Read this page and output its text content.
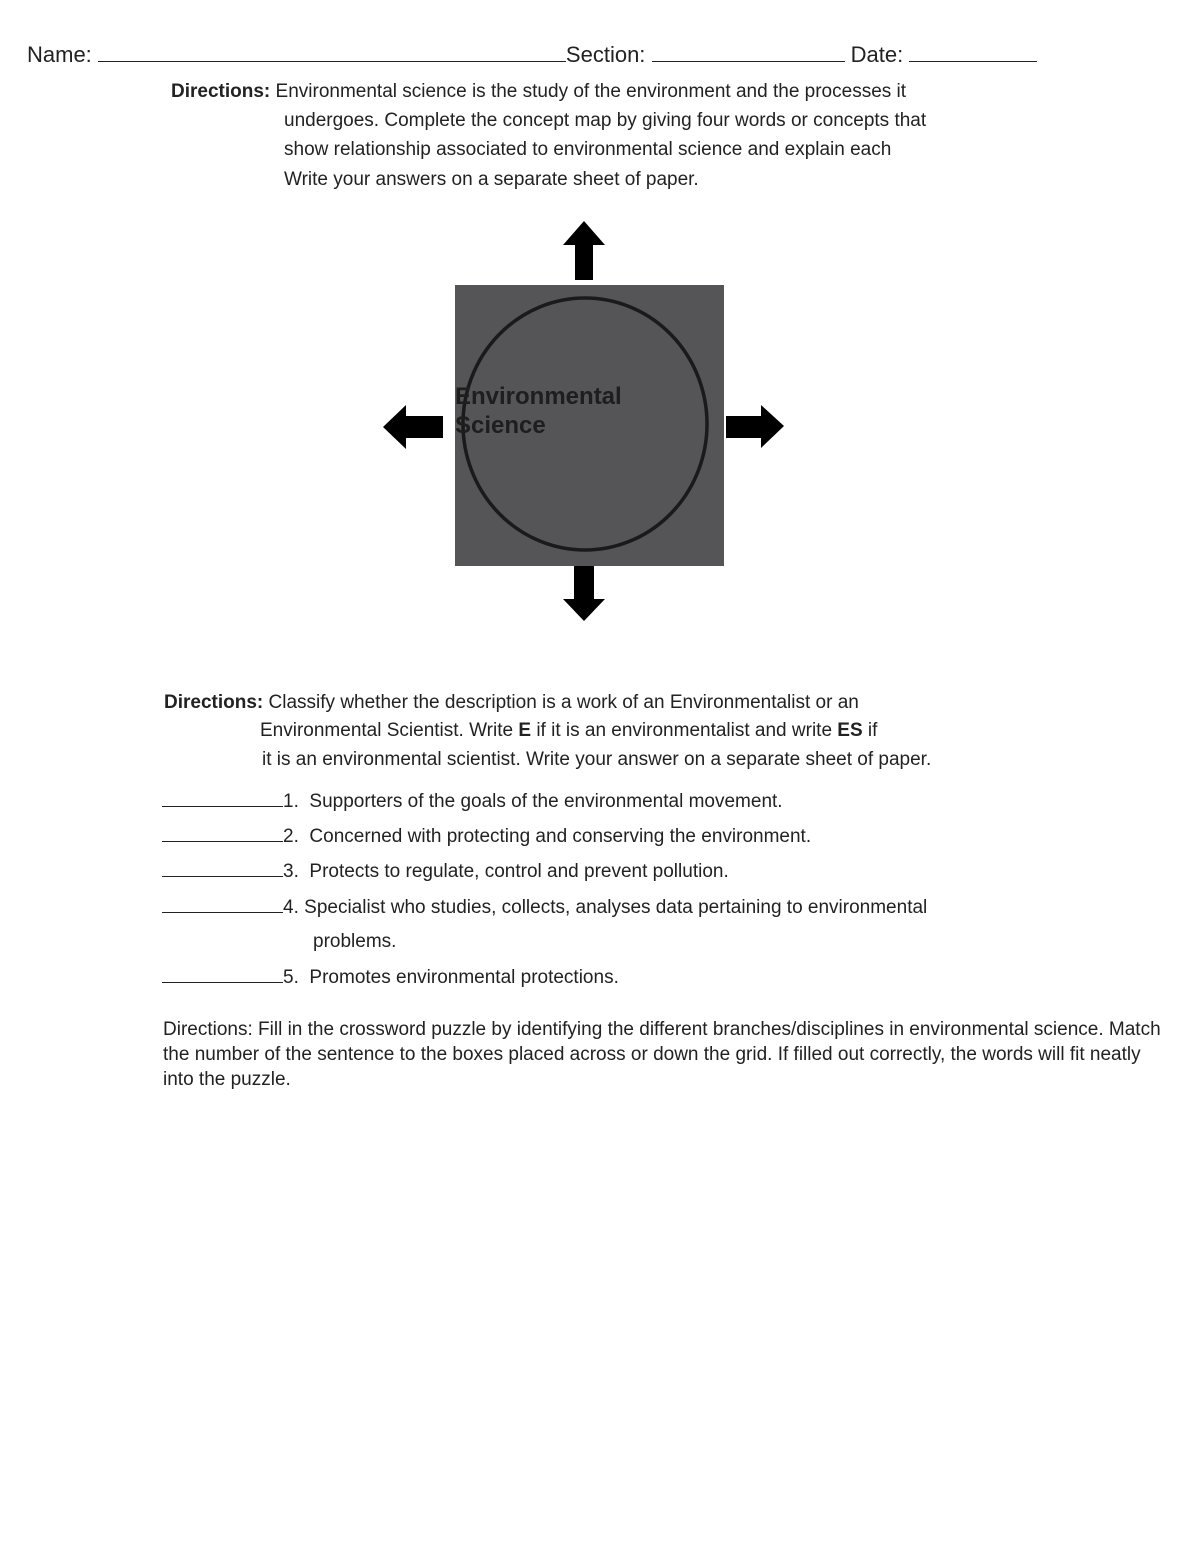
Name:	Section:	Date:
Directions: Environmental science is the study of the environment and the processes it
undergoes. Complete the concept map by giving four words or concepts that
show relationship associated to environmental science and explain each
Write your answers on a separate sheet of paper.
Environmental
Science
Directions: Classify whether the description is a work of an Environmentalist or an
Environmental Scientist. Write E if it is an environmentalist and write ES if
it is an environmental scientist. Write your answer on a separate sheet of paper.
1. Supporters of the goals of the environmental movement.
2. Concerned with protecting and conserving the environment.
3. Protects to regulate, control and prevent pollution.
4. Specialist who studies, collects, analyses data pertaining to environmental
problems.
5. Promotes environmental protections.
Directions: Fill in the crossword puzzle by identifying the different branches/disciplines in environmental science. Match the number of the sentence to the boxes placed across or down the grid. If filled out correctly, the words will fit neatly into the puzzle.
